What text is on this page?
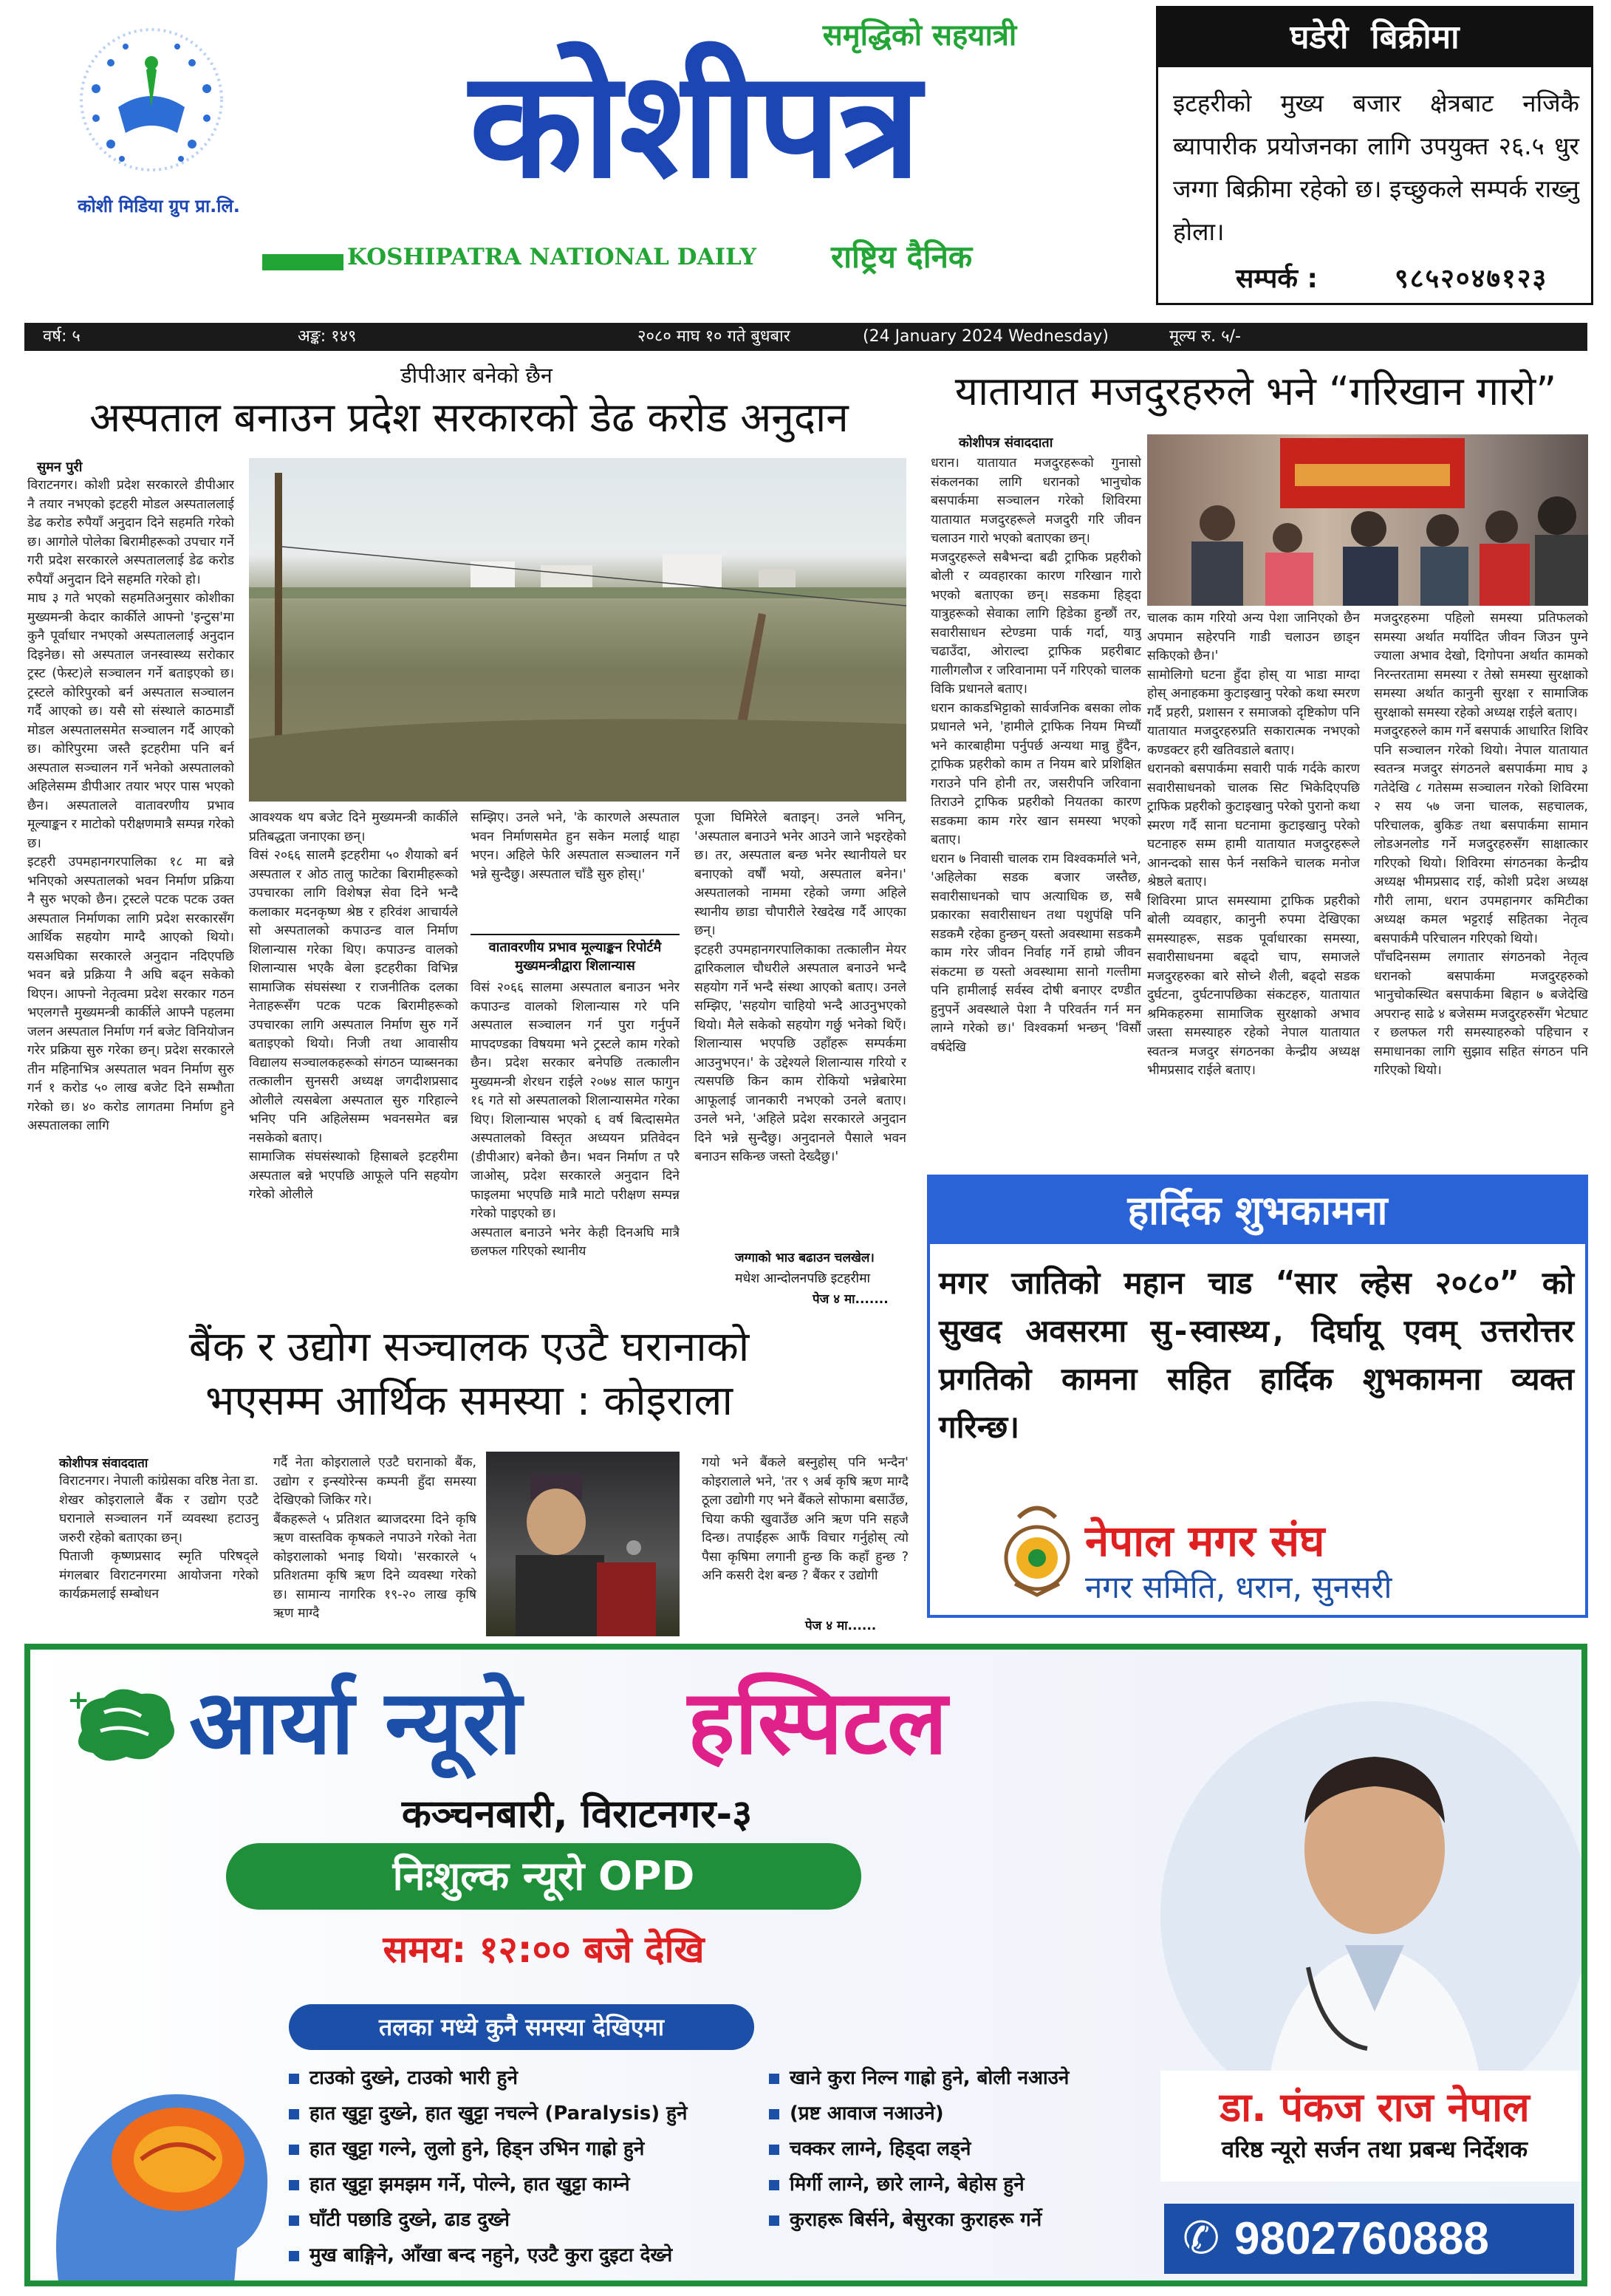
कोशी मिडिया ग्रुप प्रा.लि.
समृद्धिको सहयात्री
कोशीपत्र
KOSHIPATRA NATIONAL DAILY	राष्ट्रिय दैनिक
घडेरी  बिक्रीमा
इटहरीको मुख्य बजार क्षेत्रबाट नजिकै ब्यापारीक प्रयोजनका लागि उपयुक्त २६.५ धुर जग्गा बिक्रीमा रहेको छ। इच्छुकले सम्पर्क राख्नु होला।
सम्पर्क :	९८५२०४७१२३
वर्ष: ५	अङ्क: १४९	२०८० माघ १० गते बुधबार	(24 January 2024 Wednesday)	मूल्य रु. ५/-
डीपीआर बनेको छैन
अस्पताल बनाउन प्रदेश सरकारको डेढ करोड अनुदान
सुमन पुरी
विराटनगर। कोशी प्रदेश सरकारले डीपीआर नै तयार नभएको इटहरी मोडल अस्पताललाई डेढ करोड रुपैयाँ अनुदान दिने सहमति गरेको छ। आगोले पोलेका बिरामीहरूको उपचार गर्ने गरी प्रदेश सरकारले अस्पताललाई डेढ करोड रुपैयाँ अनुदान दिने सहमति गरेको हो।
माघ ३ गते भएको सहमतिअनुसार कोशीका मुख्यमन्त्री केदार कार्कीले आफ्नो 'इन्टुस'मा कुनै पूर्वाधार नभएको अस्पताललाई अनुदान दिइनेछ। सो अस्पताल जनस्वास्थ्य सरोकार ट्रस्ट (फेस्ट)ले सञ्चालन गर्ने बताइएको छ। ट्रस्टले कोरिपुरको बर्न अस्पताल सञ्चालन गर्दै आएको छ। यसै सो संस्थाले काठमाडौं मोडल अस्पतालसमेत सञ्चालन गर्दै आएको छ। कोरिपुरमा जस्तै इटहरीमा पनि बर्न अस्पताल सञ्चालन गर्ने भनेको अस्पतालको अहिलेसम्म डीपीआर तयार भएर पास भएको छैन। अस्पतालले वातावरणीय प्रभाव मूल्याङ्कन र माटोको परीक्षणमात्रै सम्पन्न गरेको छ।
इटहरी उपमहानगरपालिका १८ मा बन्ने भनिएको अस्पतालको भवन निर्माण प्रक्रिया नै सुरु भएको छैन। ट्रस्टले पटक पटक उक्त अस्पताल निर्माणका लागि प्रदेश सरकारसँग आर्थिक सहयोग माग्दै आएको थियो। यसअघिका सरकारले अनुदान नदिएपछि भवन बन्ने प्रक्रिया नै अघि बढ्न सकेको थिएन। आफ्नो नेतृत्वमा प्रदेश सरकार गठन भएलगत्तै मुख्यमन्त्री कार्कीले आफ्नै पहलमा जलन अस्पताल निर्माण गर्न बजेट विनियोजन गरेर प्रक्रिया सुरु गरेका छन्। प्रदेश सरकारले तीन महिनाभित्र अस्पताल भवन निर्माण सुरु गर्न १ करोड ५० लाख बजेट दिने सम्भौता गरेको छ। ४० करोड लागतमा निर्माण हुने अस्पतालका लागि
आवश्यक थप बजेट दिने मुख्यमन्त्री कार्कीले प्रतिबद्धता जनाएका छन्।
विसं २०६६ सालमै इटहरीमा ५० शैयाको बर्न अस्पताल र ओठ तालु फाटेका बिरामीहरूको उपचारका लागि विशेषज्ञ सेवा दिने भन्दै कलाकार मदनकृष्ण श्रेष्ठ र हरिवंश आचार्यले सो अस्पतालको कपाउन्ड वाल निर्माण शिलान्यास गरेका थिए। कपाउन्ड वालको शिलान्यास भएकै बेला इटहरीका विभिन्न सामाजिक संघसंस्था र राजनीतिक दलका नेताहरूसँग पटक पटक बिरामीहरूको उपचारका लागि अस्पताल निर्माण सुरु गर्ने बताइएको थियो। निजी तथा आवासीय विद्यालय सञ्चालकहरूको संगठन प्याब्सनका तत्कालीन सुनसरी अध्यक्ष जगदीशप्रसाद ओलीले त्यसबेला अस्पताल सुरु गरिहाल्ने भनिए पनि अहिलेसम्म भवनसमेत बन्न नसकेको बताए।
सामाजिक संघसंस्थाको हिसाबले इटहरीमा अस्पताल बन्ने भएपछि आफूले पनि सहयोग गरेको ओलीले
सम्झिए। उनले भने, 'के कारणले अस्पताल भवन निर्माणसमेत हुन सकेन मलाई थाहा भएन। अहिले फेरि अस्पताल सञ्चालन गर्ने भन्ने सुन्दैछु। अस्पताल चाँडै सुरु होस्।'
वातावरणीय प्रभाव मूल्याङ्कन रिपोर्टमै मुख्यमन्त्रीद्वारा शिलान्यास
विसं २०६६ सालमा अस्पताल बनाउन भनेर कपाउन्ड वालको शिलान्यास गरे पनि अस्पताल सञ्चालन गर्न पुरा गर्नुपर्ने मापदण्डका विषयमा भने ट्रस्टले काम गरेको छैन। प्रदेश सरकार बनेपछि तत्कालीन मुख्यमन्त्री शेरधन राईले २०७४ साल फागुन १६ गते सो अस्पतालको शिलान्यासमेत गरेका थिए। शिलान्यास भएको ६ वर्ष बित्दासमेत अस्पतालको विस्तृत अध्ययन प्रतिवेदन (डीपीआर) बनेको छैन। भवन निर्माण त परै जाओस्, प्रदेश सरकारले अनुदान दिने फाइलमा भएपछि मात्रै माटो परीक्षण सम्पन्न गरेको पाइएको छ।
अस्पताल बनाउने भनेर केही दिनअघि मात्रै छलफल गरिएको स्थानीय
पूजा घिमिरेले बताइन्। उनले भनिन्, 'अस्पताल बनाउने भनेर आउने जाने भइरहेको छ। तर, अस्पताल बन्छ भनेर स्थानीयले घर बनाएको वर्षौं भयो, अस्पताल बनेन।' अस्पतालको नाममा रहेको जग्गा अहिले स्थानीय छाडा चौपारीले रेखदेख गर्दै आएका छन्।
इटहरी उपमहानगरपालिकाका तत्कालीन मेयर द्वारिकलाल चौधरीले अस्पताल बनाउने भन्दै सहयोग गर्ने भन्दै संस्था आएको बताए। उनले सम्झिए, 'सहयोग चाहियो भन्दै आउनुभएको थियो। मैले सकेको सहयोग गर्छु भनेको थिएँ। शिलान्यास भएपछि उहाँहरू सम्पर्कमा आउनुभएन।' के उद्देश्यले शिलान्यास गरियो र त्यसपछि किन काम रोकियो भन्नेबारेमा आफूलाई जानकारी नभएको उनले बताए। उनले भने, 'अहिले प्रदेश सरकारले अनुदान दिने भन्ने सुन्दैछु। अनुदानले पैसाले भवन बनाउन सकिन्छ जस्तो देख्दैछु।'
जग्गाको भाउ बढाउन चलखेल।
मधेश आन्दोलनपछि इटहरीमा
पेज ४ मा.......
यातायात मजदुरहरुले भने “गरिखान गारो”
कोशीपत्र संवाददाता
धरान। यातायात मजदुरहरूको गुनासो संकलनका लागि धरानको भानुचोक बसपार्कमा सञ्चालन गरेको शिविरमा यातायात मजदुरहरूले मजदुरी गरि जीवन चलाउन गारो भएको बताएका छन्।
मजदुरहरूले सबैभन्दा बढी ट्राफिक प्रहरीको बोली र व्यवहारका कारण गरिखान गारो भएको बताएका छन्। सडकमा हिड्दा यात्रुहरूको सेवाका लागि हिडेका हुन्छौं तर, सवारीसाधन स्टेण्डमा पार्क गर्दा, यात्रु चढाउँदा, ओराल्दा ट्राफिक प्रहरीबाट गालीगलौज र जरिवानामा पर्ने गरिएको चालक विकि प्रधानले बताए।
धरान काकडभिट्टाको सार्वजनिक बसका लोक प्रधानले भने, 'हामीले ट्राफिक नियम मिच्यौं भने कारबाहीमा पर्नुपर्छ अन्यथा मान्नु हुँदैन, ट्राफिक प्रहरीको काम त नियम बारे प्रशिक्षित गराउने पनि होनी तर, जसरीपनि जरिवाना तिराउने ट्राफिक प्रहरीको नियतका कारण सडकमा काम गरेर खान समस्या भएको बताए।
धरान ७ निवासी चालक राम विश्वकर्माले भने, 'अहिलेका सडक बजार जस्तैछ, सवारीसाधनको चाप अत्याधिक छ, सबै प्रकारका सवारीसाधन तथा पशुपंक्षि पनि सडकमै रहेका हुन्छन् यस्तो अवस्थामा सडकमै काम गरेर जीवन निर्वाह गर्ने हाम्रो जीवन संकटमा छ यस्तो अवस्थामा सानो गल्तीमा पनि हामीलाई सर्वस्व दोषी बनाएर दण्डीत हुनुपर्ने अवस्थाले पेशा नै परिवर्तन गर्न मन लाग्ने गरेको छ।' विश्वकर्मा भन्छन् 'विसौं वर्षदेखि
चालक काम गरियो अन्य पेशा जानिएको छैन अपमान सहेरपनि गाडी चलाउन छाड्न सकिएको छैन।'
सामोलिगो घटना हुँदा होस् या भाडा माग्दा होस् अनाहकमा कुटाइखानु परेको कथा स्मरण गर्दै प्रहरी, प्रशासन र समाजको दृष्टिकोण पनि यातायात मजदुरहरुप्रति सकारात्मक नभएको कण्डक्टर हरी खतिवडाले बताए।
धरानको बसपार्कमा सवारी पार्क गर्दके कारण सवारीसाधनको चालक सिट भिकेदिएपछि ट्राफिक प्रहरीको कुटाइखानु परेको पुरानो कथा स्मरण गर्दै साना घटनामा कुटाइखानु परेको घटनाहरु सम्म हामी यातायात मजदुरहरूले आनन्दको सास फेर्न नसकिने चालक मनोज श्रेष्ठले बताए।
शिविरमा प्राप्त समस्यामा ट्राफिक प्रहरीको बोली व्यवहार, कानुनी रुपमा देखिएका समस्याहरू, सडक पूर्वाधारका समस्या, सवारीसाधनमा बढ्दो चाप, समाजले मजदुरहरुका बारे सोच्ने शैली, बढ्दो सडक दुर्घटना, दुर्घटनापछिका संकटहरु, यातायात श्रमिकहरुमा सामाजिक सुरक्षाको अभाव जस्ता समस्याहरु रहेको नेपाल यातायात स्वतन्त्र मजदुर संगठनका केन्द्रीय अध्यक्ष भीमप्रसाद राईले बताए।
मजदुरहरुमा पहिलो समस्या प्रतिफलको समस्या अर्थात मर्यादित जीवन जिउन पुग्ने ज्याला अभाव देखो, दिगोपना अर्थात कामको निरन्तरतामा समस्या र तेस्रो समस्या सुरक्षाको समस्या अर्थात कानुनी सुरक्षा र सामाजिक सुरक्षाको समस्या रहेको अध्यक्ष राईले बताए।
मजदुरहरुले काम गर्ने बसपार्क आधारित शिविर पनि सञ्चालन गरेको थियो। नेपाल यातायात स्वतन्त्र मजदुर संगठनले बसपार्कमा माघ ३ गतेदेखि ८ गतेसम्म सञ्चालन गरेको शिविरमा २ सय ५७ जना चालक, सहचालक, परिचालक, बुकिङ तथा बसपार्कमा सामान लोडअनलोड गर्ने मजदुरहरुसँग साक्षात्कार गरिएको थियो। शिविरमा संगठनका केन्द्रीय अध्यक्ष भीमप्रसाद राई, कोशी प्रदेश अध्यक्ष गौरी लामा, धरान उपमहानगर कमिटीका अध्यक्ष कमल भट्टराई सहितका नेतृत्व बसपार्कमै परिचालन गरिएको थियो।
पाँचदिनसम्म लगातार संगठनको नेतृत्व धरानको बसपार्कमा मजदुरहरुको भानुचोकस्थित बसपार्कमा बिहान ७ बजेदेखि अपरान्ह साढे ४ बजेसम्म मजदुरहरुसँग भेटघाट र छलफल गरी समस्याहरुको पहिचान र समाधानका लागि सुझाव सहित संगठन पनि गरिएको थियो।
हार्दिक शुभकामना
मगर जातिको महान चाड “सार ल्हेस २०८०” को सुखद अवसरमा सु-स्वास्थ्य, दिर्घायू एवम् उत्तरोत्तर प्रगतिको कामना सहित हार्दिक शुभकामना व्यक्त गरिन्छ।
नेपाल मगर संघ
नगर समिति, धरान, सुनसरी
बैंक र उद्योग सञ्चालक एउटै घरानाको
भएसम्म आर्थिक समस्या : कोइराला
कोशीपत्र संवाददाता
विराटनगर। नेपाली कांग्रेसका वरिष्ठ नेता डा. शेखर कोइरालाले बैंक र उद्योग एउटै घरानाले सञ्चालन गर्ने व्यवस्था हटाउनु जरुरी रहेको बताएका छन्।
पिताजी कृष्णप्रसाद स्मृति परिषद्ले मंगलबार विराटनगरमा आयोजना गरेको कार्यक्रमलाई सम्बोधन
गर्दै नेता कोइरालाले एउटै घरानाको बैंक, उद्योग र इन्स्योरेन्स कम्पनी हुँदा समस्या देखिएको जिकिर गरे।
बैंकहरूले ५ प्रतिशत ब्याजदरमा दिने कृषि ऋण वास्तविक कृषकले नपाउने गरेको नेता कोइरालाको भनाइ थियो। 'सरकारले ५ प्रतिशतमा कृषि ऋण दिने व्यवस्था गरेको छ। सामान्य नागरिक १९-२० लाख कृषि ऋण माग्दै
गयो भने बैंकले बस्नुहोस् पनि भन्दैन' कोइरालाले भने, 'तर ९ अर्ब कृषि ऋण माग्दै ठूला उद्योगी गए भने बैंकले सोफामा बसाउँछ, चिया कफी खुवाउँछ अनि ऋण पनि सहजै दिन्छ। तपाईंहरू आफैं विचार गर्नुहोस् त्यो पैसा कृषिमा लगानी हुन्छ कि कहाँ हुन्छ ? अनि कसरी देश बन्छ ? बैंकर र उद्योगी
पेज ४ मा......
+ आर्या न्यूरो हस्पिटल
कञ्चनबारी, विराटनगर-३
निःशुल्क न्यूरो OPD
समय: १२:०० बजे देखि
तलका मध्ये कुनै समस्या देखिएमा
टाउको दुख्ने, टाउको भारी हुने
हात खुट्टा दुख्ने, हात खुट्टा नचल्ने (Paralysis) हुने
हात खुट्टा गल्ने, लुलो हुने, हिड्न उभिन गाह्रो हुने
हात खुट्टा झमझम गर्ने, पोल्ने, हात खुट्टा काम्ने
घाँटी पछाडि दुख्ने, ढाड दुख्ने
मुख बाङ्गिने, आँखा बन्द नहुने, एउटै कुरा दुइटा देख्ने
खाने कुरा निल्न गाह्रो हुने, बोली नआउने
(प्रष्ट आवाज नआउने)
चक्कर लाग्ने, हिड्दा लड्ने
मिर्गी लाग्ने, छारे लाग्ने, बेहोस हुने
कुराहरू बिर्सने, बेसुरका कुराहरू गर्ने
डा. पंकज राज नेपाल
वरिष्ठ न्यूरो सर्जन तथा प्रबन्ध निर्देशक
✆ 9802760888
